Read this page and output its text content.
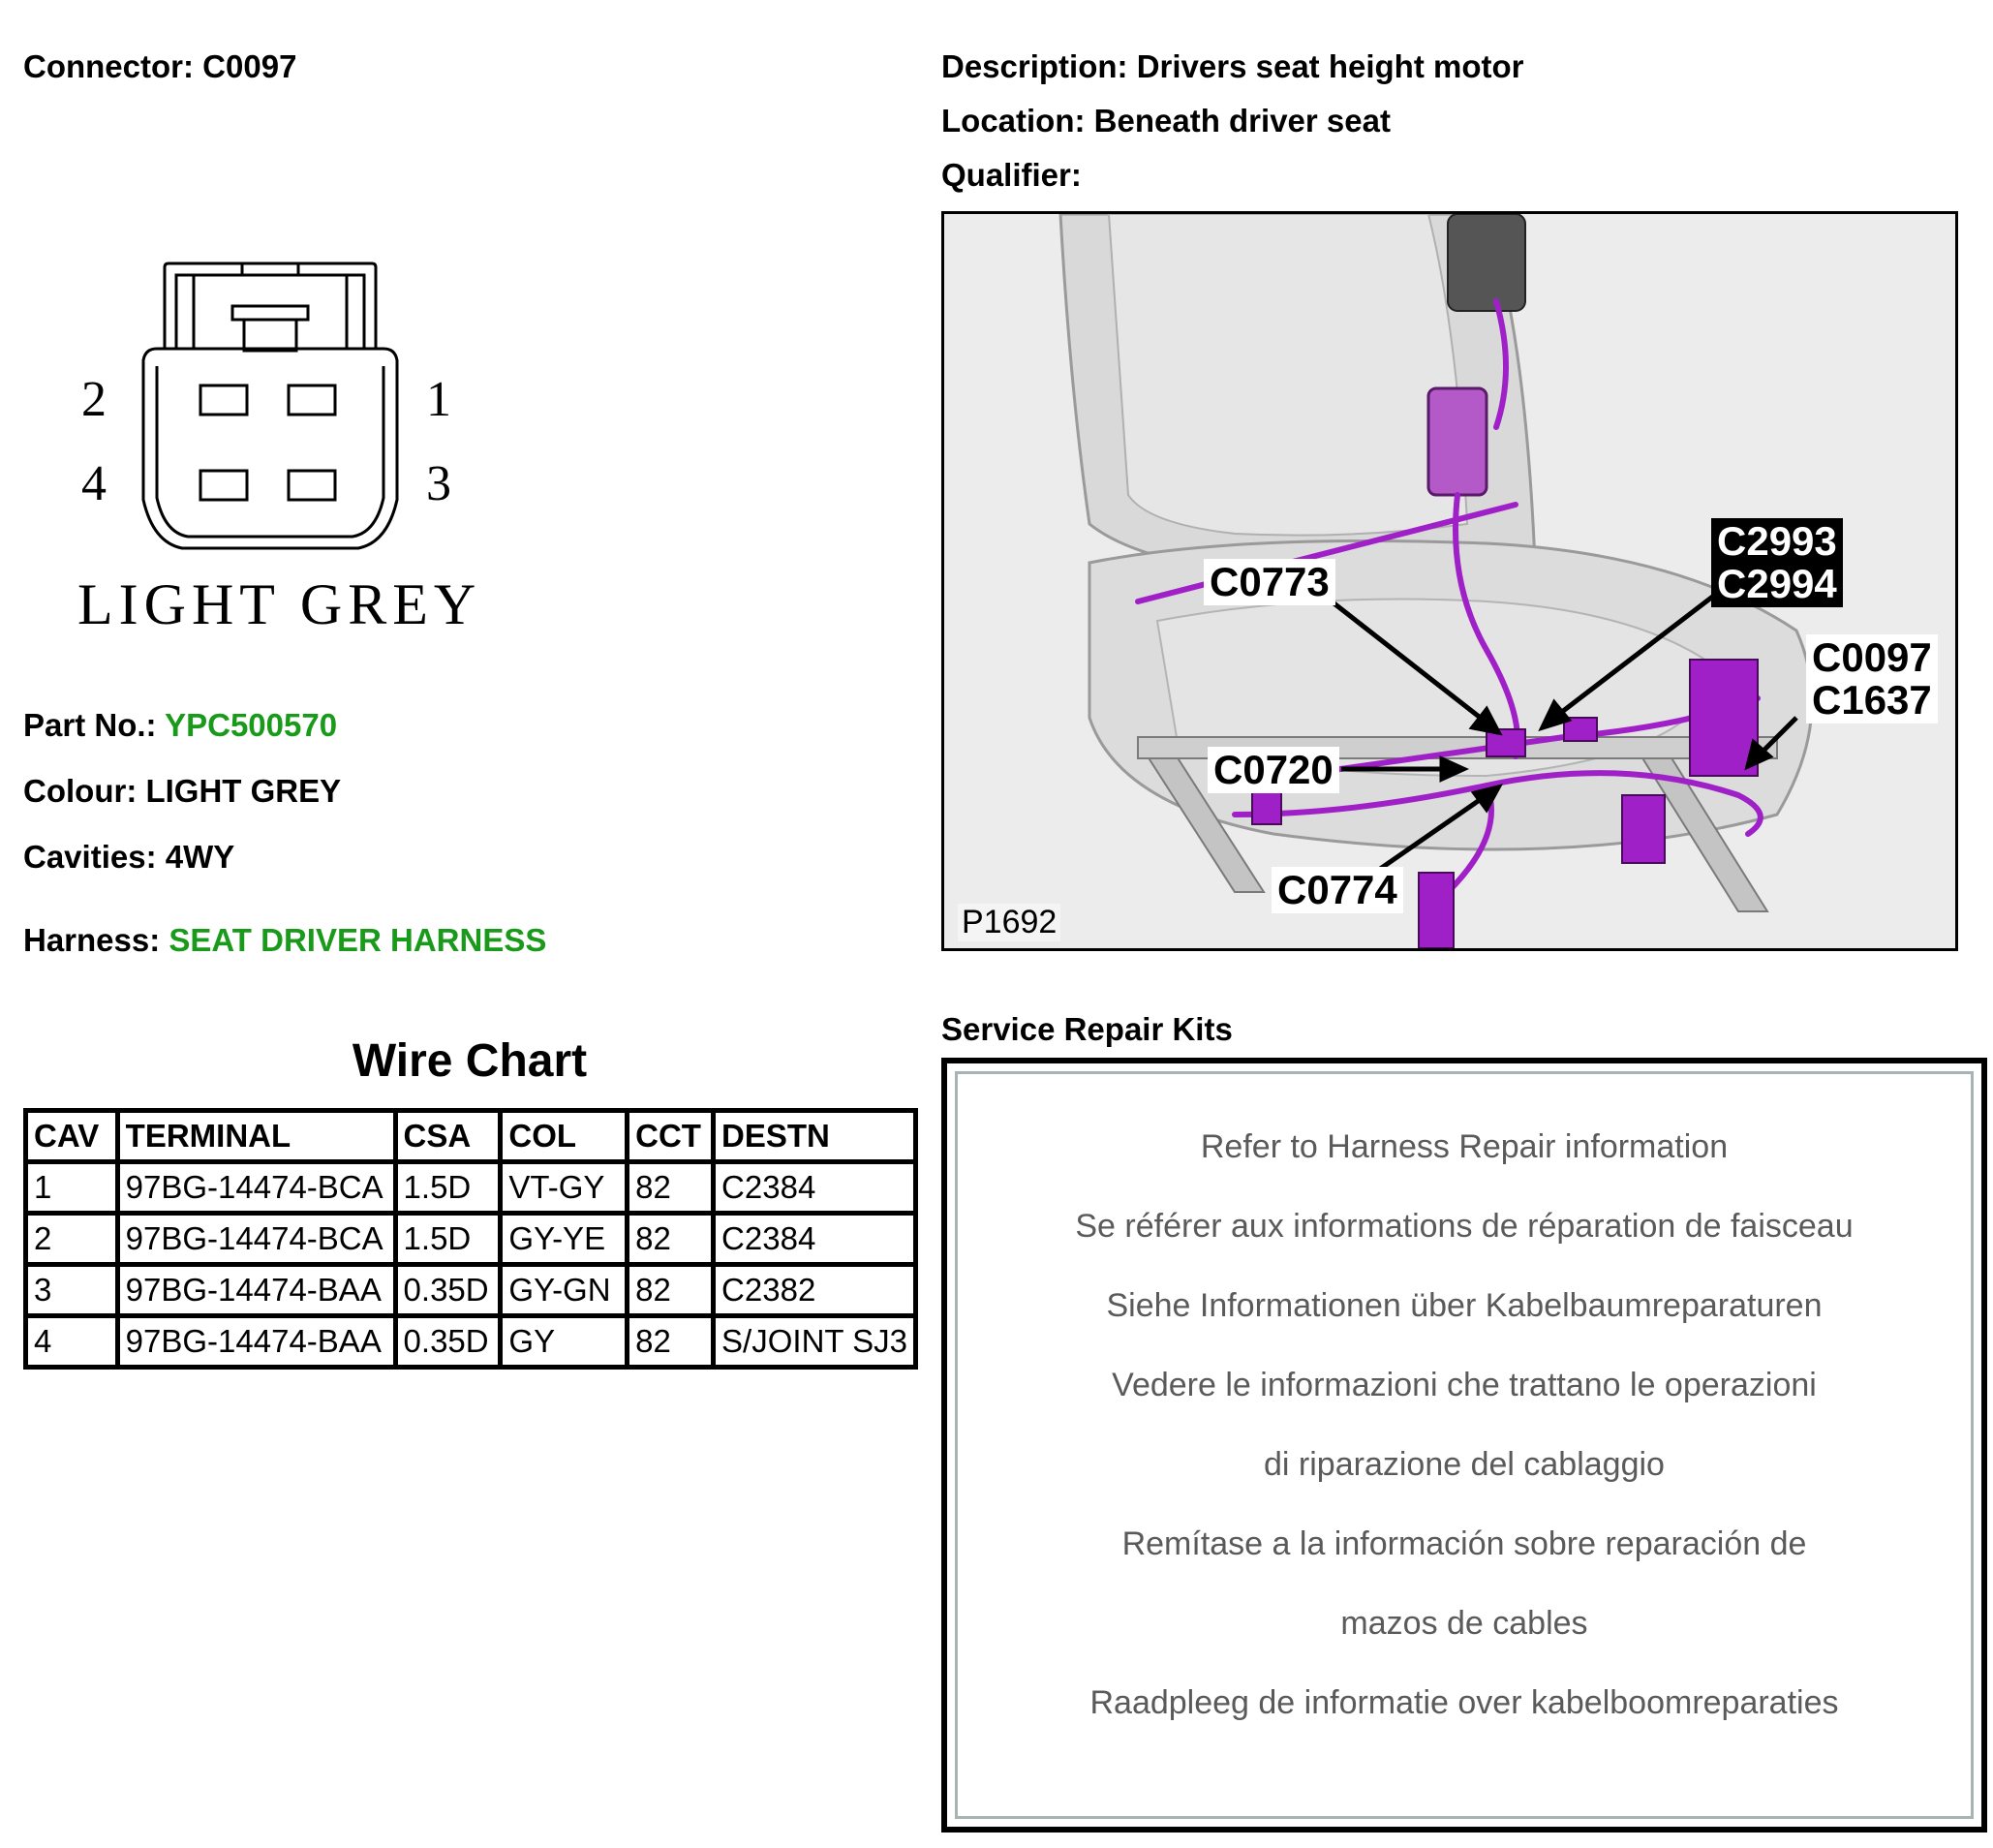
Connector: C0097
2	1
4	3
LIGHT GREY
Part No.: YPC500570
Colour: LIGHT GREY
Cavities: 4WY
Harness: SEAT DRIVER HARNESS
Wire Chart
CAV	TERMINAL	CSA	COL	CCT	DESTN
1	97BG-14474-BCA	1.5D	VT-GY	82	C2384
2	97BG-14474-BCA	1.5D	GY-YE	82	C2384
3	97BG-14474-BAA	0.35D	GY-GN	82	C2382
4	97BG-14474-BAA	0.35D	GY	82	S/JOINT SJ3
Description: Drivers seat height motor
Location: Beneath driver seat
Qualifier:
C0773
C2993
C2994
C0097
C1637
C0720
C0774
P1692
Service Repair Kits
Refer to Harness Repair information
Se référer aux informations de réparation de faisceau
Siehe Informationen über Kabelbaumreparaturen
Vedere le informazioni che trattano le operazioni
di riparazione del cablaggio
Remítase a la información sobre reparación de
mazos de cables
Raadpleeg de informatie over kabelboomreparaties
